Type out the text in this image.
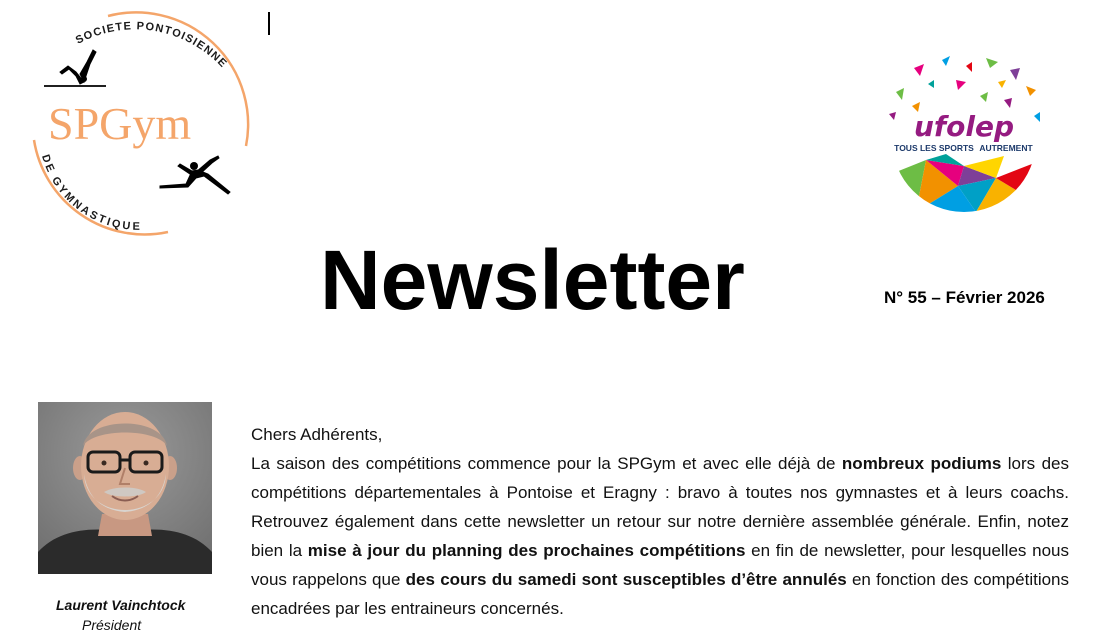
SOCIETE PONTOISIENNE
DE GYMNASTIQUE
SPGym	ufolep
TOUS LES SPORTS AUTREMENT
Newsletter	N° 55 – Février 2026
Laurent Vainchtock
Président

Chers Adhérents,

La saison des compétitions commence pour la SPGym et avec elle déjà de nombreux podiums lors des compétitions départementales à Pontoise et Eragny : bravo à toutes nos gymnastes et à leurs coachs. Retrouvez également dans cette newsletter un retour sur notre dernière assemblée générale. Enfin, notez bien la mise à jour du planning des prochaines compétitions en fin de newsletter, pour lesquelles nous vous rappelons que des cours du samedi sont susceptibles d’être annulés en fonction des compétitions encadrées par les entraineurs concernés.
